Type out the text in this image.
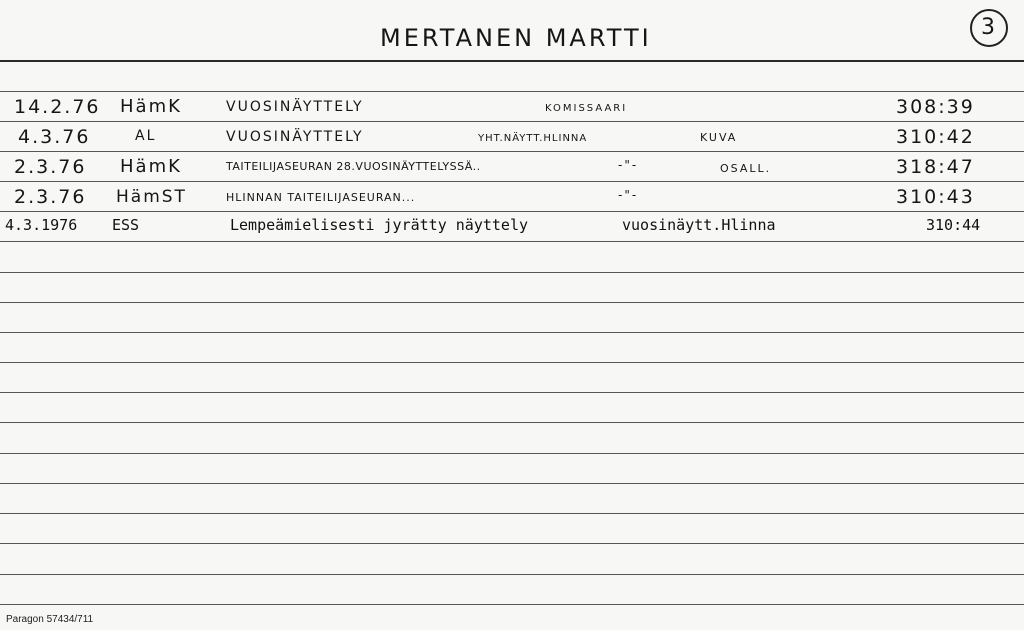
MERTANEN MARTTI	3
14.2.76 HämK	VUOSINÄYTTELY	KOMISSAARI	308:39
4.3.76	AL	VUOSINÄYTTELY	YHT.NÄYTT.HLINNA	KUVA	310:42
2.3.76 HämK	TAITEILIJASEURAN 28.VUOSINÄYTTELYSSÄ..	-"-	OSALL.	318:47
2.3.76 HämST	HLINNAN TAITEILIJASEURAN...	-"-	310:43
4.3.1976 ESS	Lempeämielisesti jyrätty näyttely	vuosinäytt.Hlinna	310:44
Paragon 57434/711
